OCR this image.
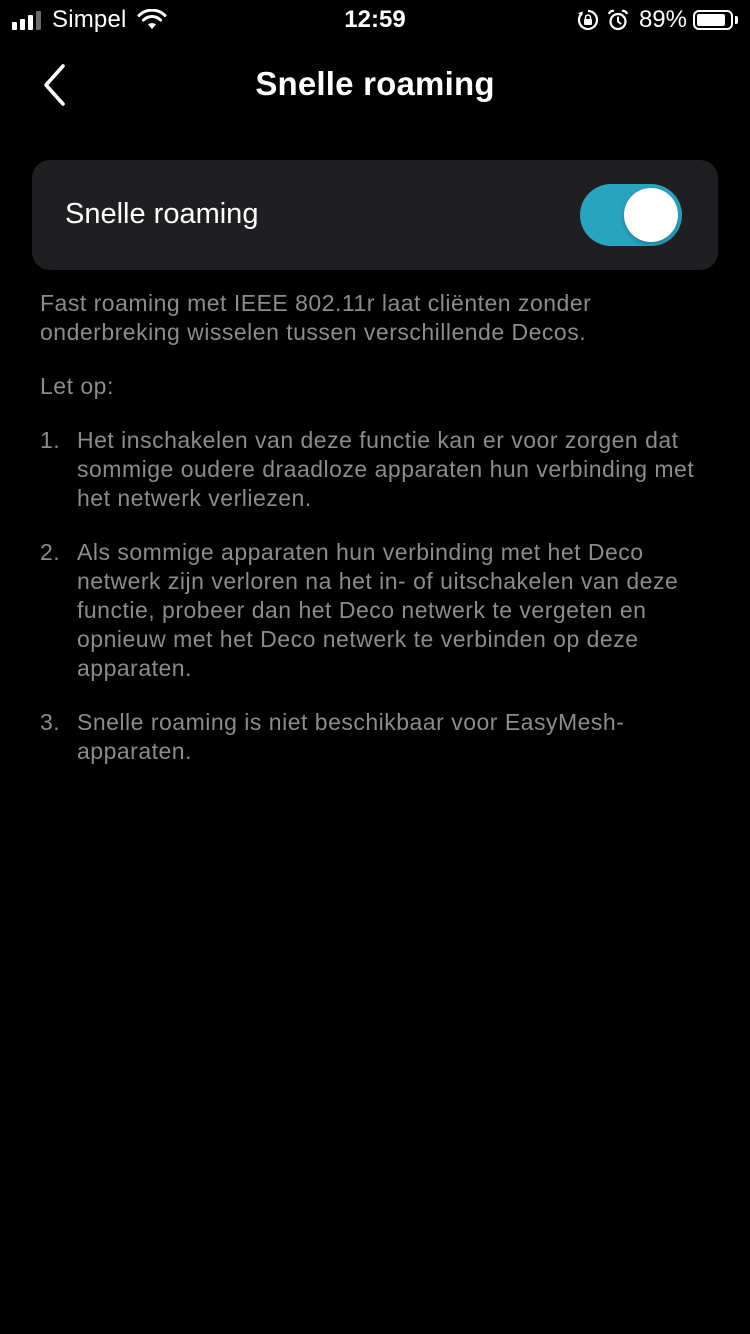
Simpel	12:59	89%
Snelle roaming
Snelle roaming

Fast roaming met IEEE 802.11r laat cliënten zonder onderbreking wisselen tussen verschillende Decos.

Let op:

1. Het inschakelen van deze functie kan er voor zorgen dat sommige oudere draadloze apparaten hun verbinding met het netwerk verliezen.
2. Als sommige apparaten hun verbinding met het Deco netwerk zijn verloren na het in- of uitschakelen van deze functie, probeer dan het Deco netwerk te vergeten en opnieuw met het Deco netwerk te verbinden op deze apparaten.
3. Snelle roaming is niet beschikbaar voor EasyMesh-apparaten.
